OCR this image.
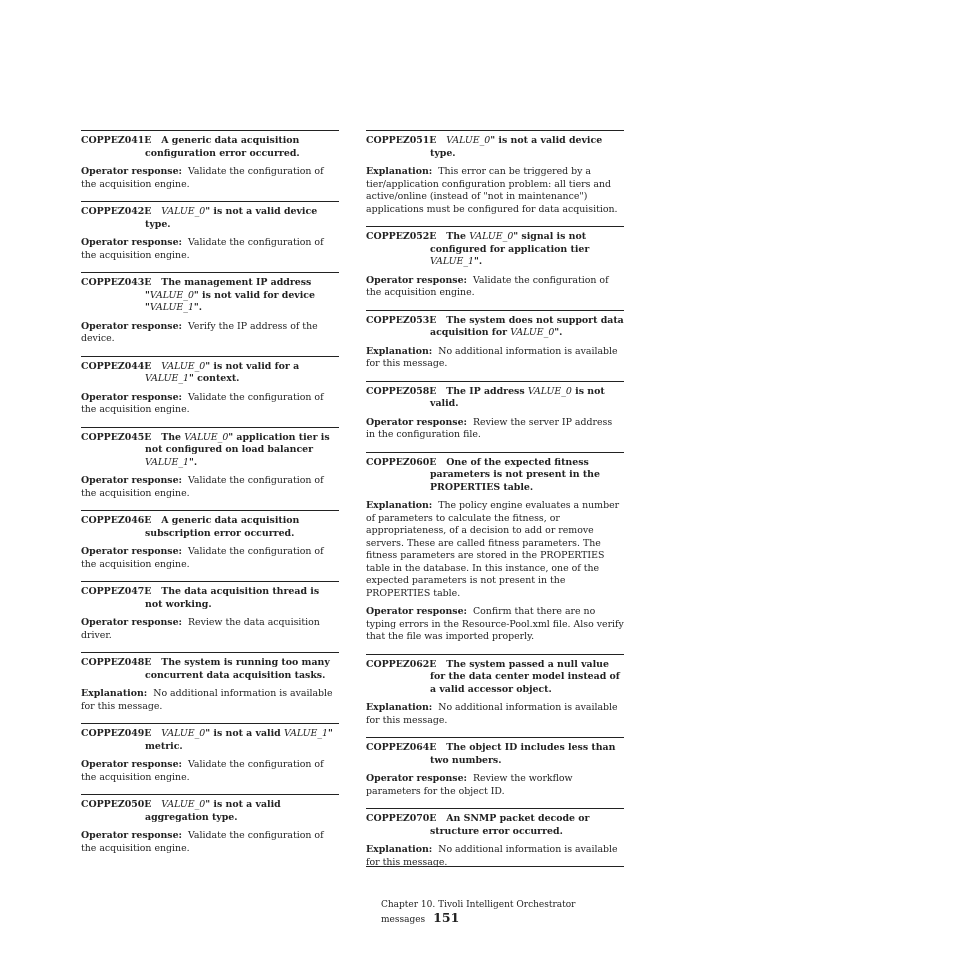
COPPEZ041E A generic data acquisition configuration error occurred.

Operator response: Validate the configuration of the acquisition engine.

COPPEZ042E VALUE_0" is not a valid device type.

Operator response: Validate the configuration of the acquisition engine.

COPPEZ043E The management IP address "VALUE_0" is not valid for device "VALUE_1".

Operator response: Verify the IP address of the device.

COPPEZ044E VALUE_0" is not valid for a VALUE_1" context.

Operator response: Validate the configuration of the acquisition engine.

COPPEZ045E The VALUE_0" application tier is not configured on load balancer VALUE_1".

Operator response: Validate the configuration of the acquisition engine.

COPPEZ046E A generic data acquisition subscription error occurred.

Operator response: Validate the configuration of the acquisition engine.

COPPEZ047E The data acquisition thread is not working.

Operator response: Review the data acquisition driver.

COPPEZ048E The system is running too many concurrent data acquisition tasks.

Explanation: No additional information is available for this message.

COPPEZ049E VALUE_0" is not a valid VALUE_1" metric.

Operator response: Validate the configuration of the acquisition engine.

COPPEZ050E VALUE_0" is not a valid aggregation type.

Operator response: Validate the configuration of the acquisition engine.

COPPEZ051E VALUE_0" is not a valid device type.

Explanation: This error can be triggered by a tier/application configuration problem: all tiers and active/online (instead of "not in maintenance") applications must be configured for data acquisition.

COPPEZ052E The VALUE_0" signal is not configured for application tier VALUE_1".

Operator response: Validate the configuration of the acquisition engine.

COPPEZ053E The system does not support data acquisition for VALUE_0".

Explanation: No additional information is available for this message.

COPPEZ058E The IP address VALUE_0 is not valid.

Operator response: Review the server IP address in the configuration file.

COPPEZ060E One of the expected fitness parameters is not present in the PROPERTIES table.

Explanation: The policy engine evaluates a number of parameters to calculate the fitness, or appropriateness, of a decision to add or remove servers. These are called fitness parameters. The fitness parameters are stored in the PROPERTIES table in the database. In this instance, one of the expected parameters is not present in the PROPERTIES table.

Operator response: Confirm that there are no typing errors in the Resource-Pool.xml file. Also verify that the file was imported properly.

COPPEZ062E The system passed a null value for the data center model instead of a valid accessor object.

Explanation: No additional information is available for this message.

COPPEZ064E The object ID includes less than two numbers.

Operator response: Review the workflow parameters for the object ID.

COPPEZ070E An SNMP packet decode or structure error occurred.

Explanation: No additional information is available for this message.

Chapter 10. Tivoli Intelligent Orchestrator messages 151
